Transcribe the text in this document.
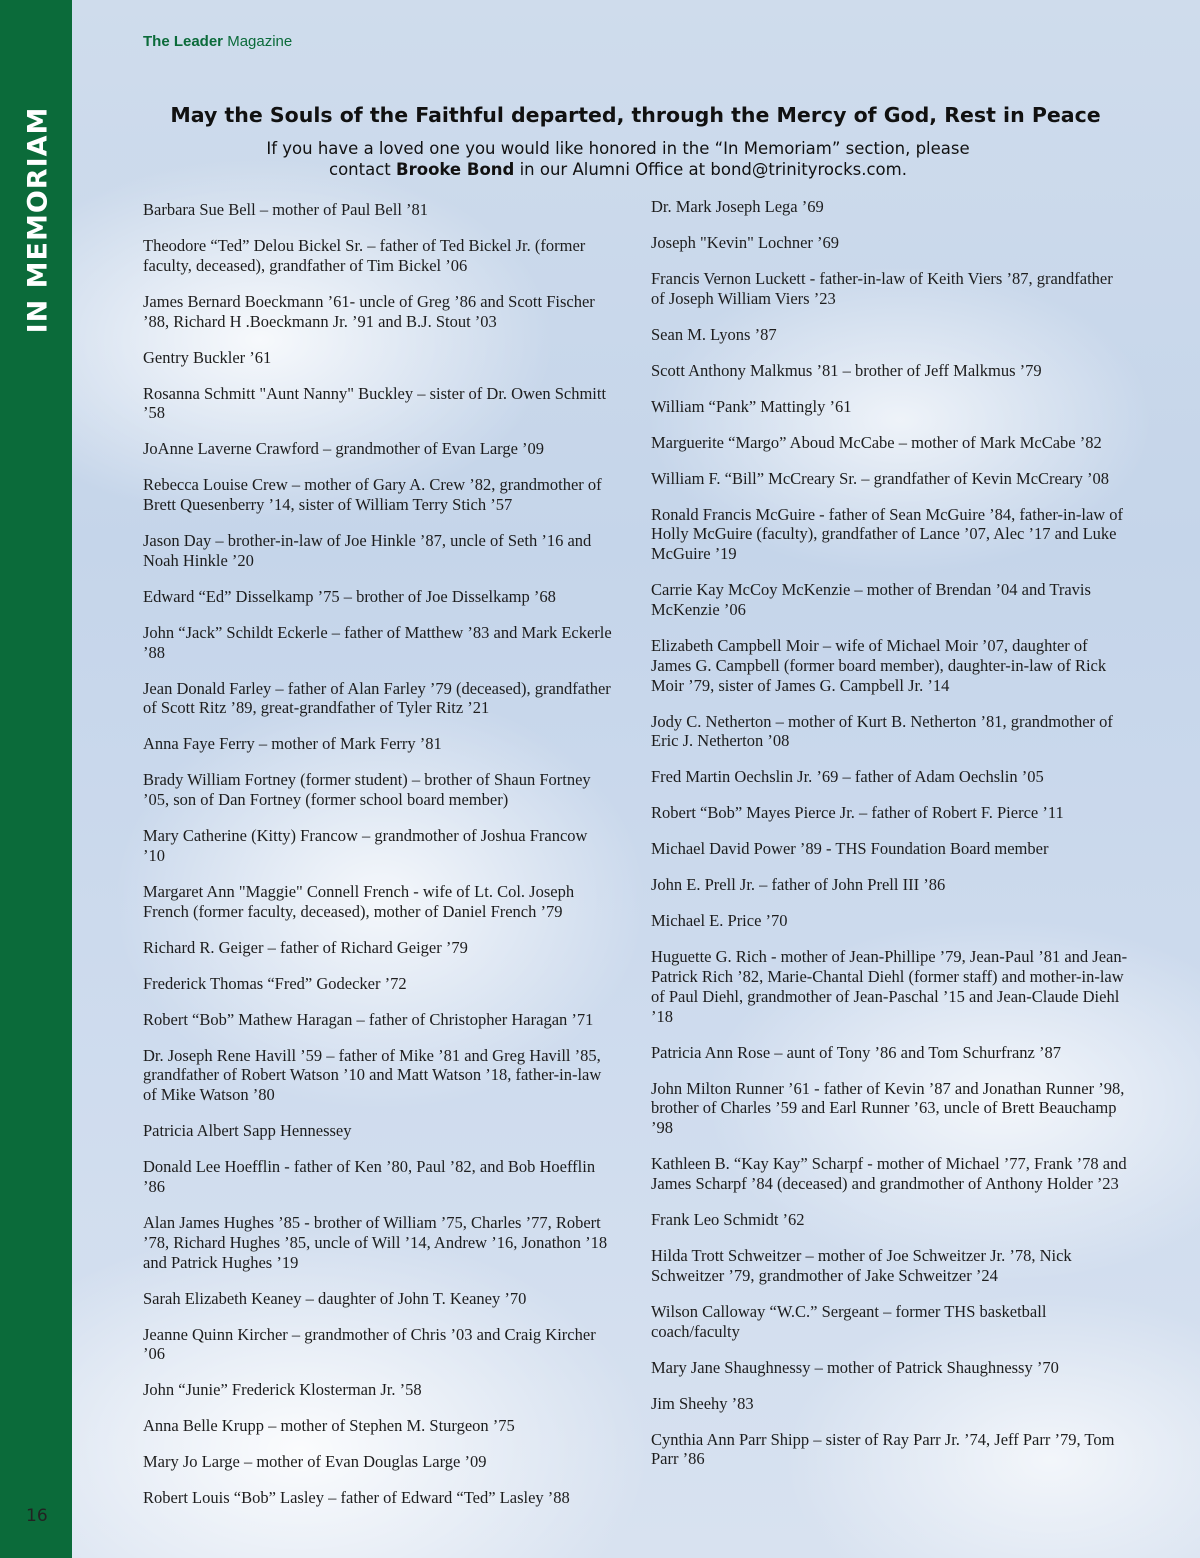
IN MEMORIAM
16
The Leader Magazine
May the Souls of the Faithful departed, through the Mercy of God, Rest in Peace
If you have a loved one you would like honored in the “In Memoriam” section, please
contact Brooke Bond in our Alumni Office at bond@trinityrocks.com.
Barbara Sue Bell – mother of Paul Bell ’81
Theodore “Ted” Delou Bickel Sr. – father of Ted Bickel Jr. (former faculty, deceased), grandfather of Tim Bickel ’06
James Bernard Boeckmann ’61- uncle of Greg ’86 and Scott Fischer ’88, Richard H .Boeckmann Jr. ’91 and B.J. Stout ’03
Gentry Buckler ’61
Rosanna Schmitt "Aunt Nanny" Buckley – sister of Dr. Owen Schmitt ’58
JoAnne Laverne Crawford – grandmother of Evan Large ’09
Rebecca Louise Crew – mother of Gary A. Crew ’82, grandmother of Brett Quesenberry ’14, sister of William Terry Stich ’57
Jason Day – brother-in-law of Joe Hinkle ’87, uncle of Seth ’16 and Noah Hinkle ’20
Edward “Ed” Disselkamp ’75 – brother of Joe Disselkamp ’68
John “Jack” Schildt Eckerle – father of Matthew ’83 and Mark Eckerle ’88
Jean Donald Farley – father of Alan Farley ’79 (deceased), grandfather of Scott Ritz ’89, great-grandfather of Tyler Ritz ’21
Anna Faye Ferry – mother of Mark Ferry ’81
Brady William Fortney (former student) – brother of Shaun Fortney ’05, son of Dan Fortney (former school board member)
Mary Catherine (Kitty) Francow – grandmother of Joshua Francow ’10
Margaret Ann "Maggie" Connell French - wife of Lt. Col. Joseph French (former faculty, deceased), mother of Daniel French ’79
Richard R. Geiger – father of Richard Geiger ’79
Frederick Thomas “Fred” Godecker ’72
Robert “Bob” Mathew Haragan – father of Christopher Haragan ’71
Dr. Joseph Rene Havill ’59 – father of Mike ’81 and Greg Havill ’85, grandfather of Robert Watson ’10 and Matt Watson ’18, father-in-law of Mike Watson ’80
Patricia Albert Sapp Hennessey
Donald Lee Hoefflin - father of Ken ’80, Paul ’82, and Bob Hoefflin ’86
Alan James Hughes ’85 - brother of William ’75, Charles ’77, Robert ’78, Richard Hughes ’85, uncle of Will ’14, Andrew ’16, Jonathon ’18 and Patrick Hughes ’19
Sarah Elizabeth Keaney – daughter of John T. Keaney ’70
Jeanne Quinn Kircher – grandmother of Chris ’03 and Craig Kircher ’06
John “Junie” Frederick Klosterman Jr. ’58
Anna Belle Krupp – mother of Stephen M. Sturgeon ’75
Mary Jo Large – mother of Evan Douglas Large ’09
Robert Louis “Bob” Lasley – father of Edward “Ted” Lasley ’88
Dr. Mark Joseph Lega ’69
Joseph "Kevin" Lochner ’69
Francis Vernon Luckett - father-in-law of Keith Viers ’87, grandfather of Joseph William Viers ’23
Sean M. Lyons ’87
Scott Anthony Malkmus ’81 – brother of Jeff Malkmus ’79
William “Pank” Mattingly ’61
Marguerite “Margo” Aboud McCabe – mother of Mark McCabe ’82
William F. “Bill” McCreary Sr. – grandfather of Kevin McCreary ’08
Ronald Francis McGuire - father of Sean McGuire ’84, father-in-law of Holly McGuire (faculty), grandfather of Lance ’07, Alec ’17 and Luke McGuire ’19
Carrie Kay McCoy McKenzie – mother of Brendan ’04 and Travis McKenzie ’06
Elizabeth Campbell Moir – wife of Michael Moir ’07, daughter of James G. Campbell (former board member), daughter-in-law of Rick Moir ’79, sister of James G. Campbell Jr. ’14
Jody C. Netherton – mother of Kurt B. Netherton ’81, grandmother of Eric J. Netherton ’08
Fred Martin Oechslin Jr. ’69 – father of Adam Oechslin ’05
Robert “Bob” Mayes Pierce Jr. – father of Robert F. Pierce ’11
Michael David Power ’89 - THS Foundation Board member
John E. Prell Jr. – father of John Prell III ’86
Michael E. Price ’70
Huguette G. Rich - mother of Jean-Phillipe ’79, Jean-Paul ’81 and Jean-Patrick Rich ’82, Marie-Chantal Diehl (former staff) and mother-in-law of Paul Diehl, grandmother of Jean-Paschal ’15 and Jean-Claude Diehl ’18
Patricia Ann Rose – aunt of Tony ’86 and Tom Schurfranz ’87
John Milton Runner ’61 - father of Kevin ’87 and Jonathan Runner ’98, brother of Charles ’59 and Earl Runner ’63, uncle of Brett Beauchamp ’98
Kathleen B. “Kay Kay” Scharpf - mother of Michael ’77, Frank ’78 and James Scharpf ’84 (deceased) and grandmother of Anthony Holder ’23
Frank Leo Schmidt ’62
Hilda Trott Schweitzer – mother of Joe Schweitzer Jr. ’78, Nick Schweitzer ’79, grandmother of Jake Schweitzer ’24
Wilson Calloway “W.C.” Sergeant – former THS basketball coach/faculty
Mary Jane Shaughnessy – mother of Patrick Shaughnessy ’70
Jim Sheehy ’83
Cynthia Ann Parr Shipp – sister of Ray Parr Jr. ’74, Jeff Parr ’79, Tom Parr ’86
